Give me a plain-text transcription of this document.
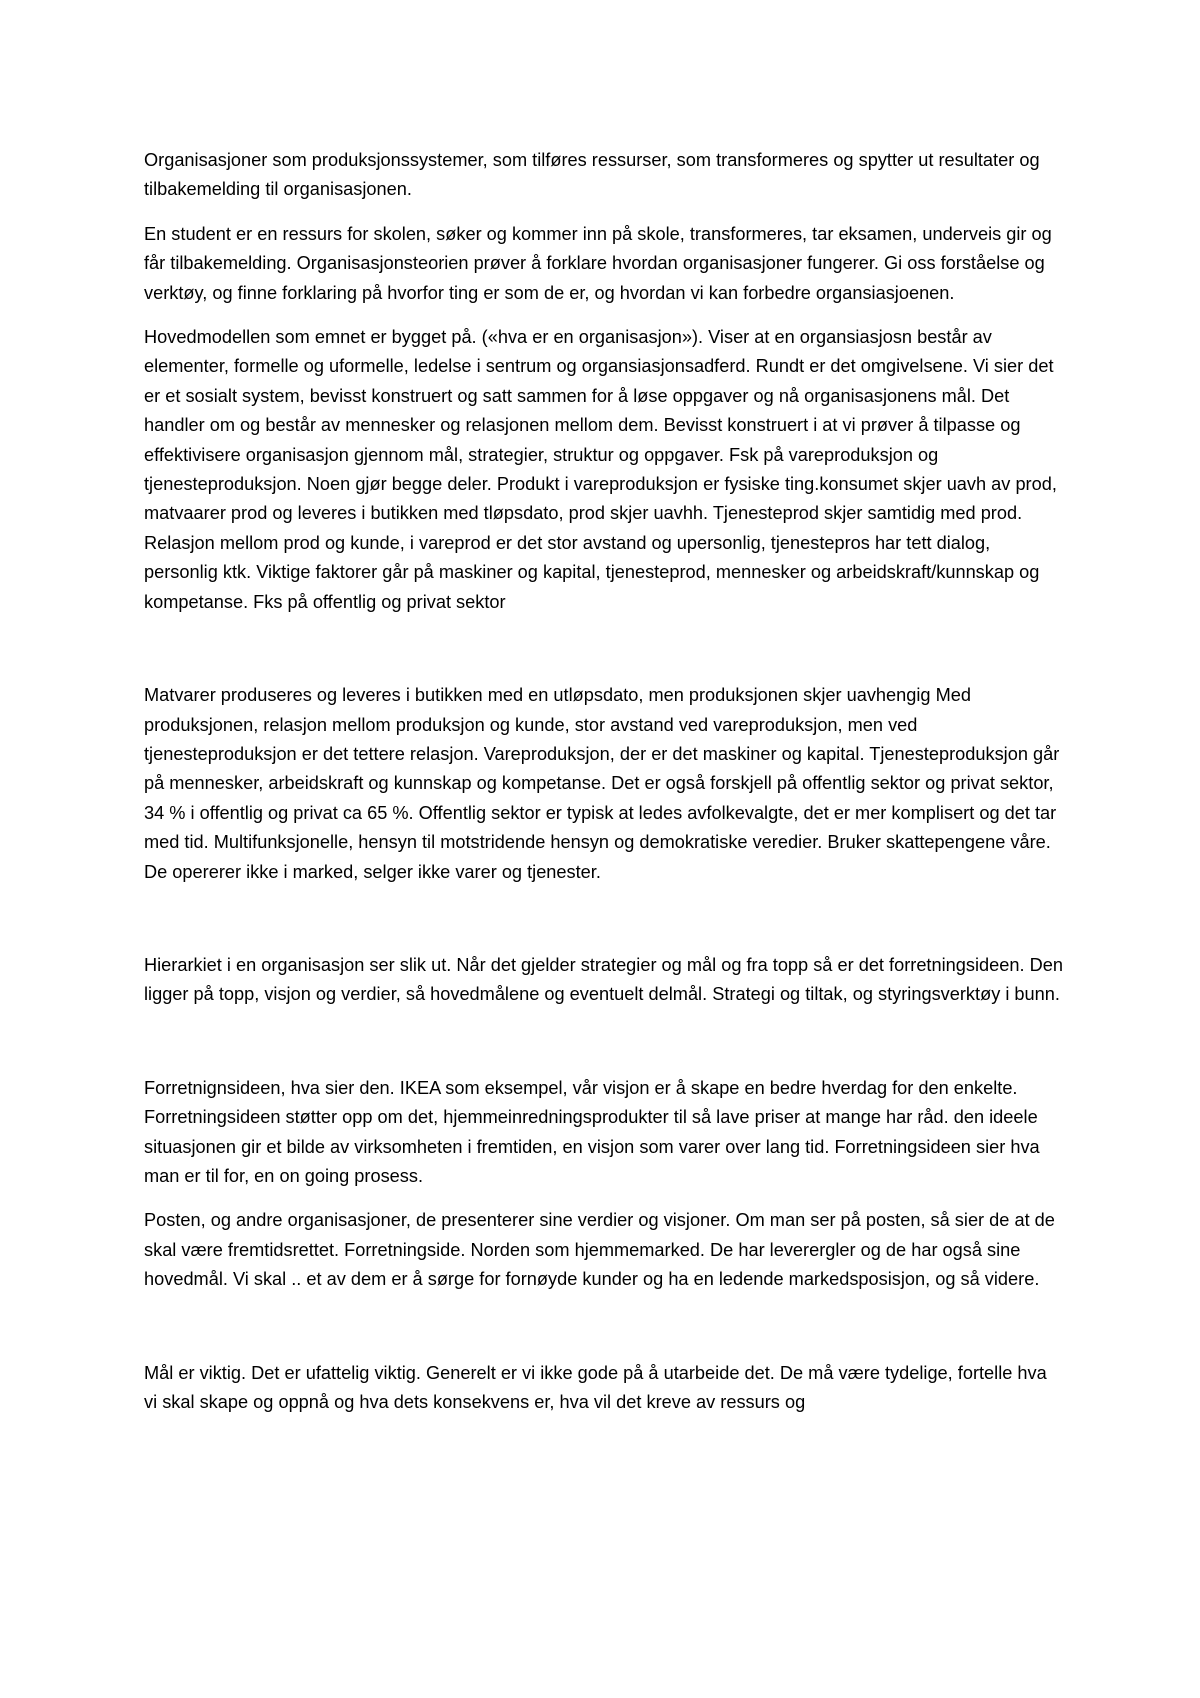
Organisasjoner som produksjonssystemer, som tilføres ressurser, som transformeres og spytter ut resultater og tilbakemelding til organisasjonen.

En student er en ressurs for skolen, søker og kommer inn på skole, transformeres, tar eksamen, underveis gir og får tilbakemelding. Organisasjonsteorien prøver å forklare hvordan organisasjoner fungerer. Gi oss forståelse og verktøy, og finne forklaring på hvorfor ting er som de er, og hvordan vi kan forbedre organsiasjoenen.

Hovedmodellen som emnet er bygget på. («hva er en organisasjon»). Viser at en organsiasjosn består av elementer, formelle og uformelle, ledelse i sentrum og organsiasjonsadferd. Rundt er det omgivelsene. Vi sier det er et sosialt system, bevisst konstruert og satt sammen for å løse oppgaver og nå organisasjonens mål. Det handler om og består av mennesker og relasjonen mellom dem. Bevisst konstruert i at vi prøver å tilpasse og effektivisere organisasjon gjennom mål, strategier, struktur og oppgaver. Fsk på vareproduksjon og tjenesteproduksjon. Noen gjør begge deler. Produkt i vareproduksjon er fysiske ting.konsumet skjer uavh av prod, matvaarer prod og leveres i butikken med tløpsdato, prod skjer uavhh. Tjenesteprod skjer samtidig med prod. Relasjon mellom prod og kunde, i vareprod er det stor avstand og upersonlig, tjenestepros har tett dialog, personlig ktk. Viktige faktorer går på maskiner og kapital, tjenesteprod, mennesker og arbeidskraft/kunnskap og kompetanse. Fks på offentlig og privat sektor

Matvarer produseres og leveres i butikken med en utløpsdato, men produksjonen skjer uavhengig Med produksjonen, relasjon mellom produksjon og kunde, stor avstand ved vareproduksjon, men ved tjenesteproduksjon er det tettere relasjon. Vareproduksjon, der er det maskiner og kapital. Tjenesteproduksjon går på mennesker, arbeidskraft og kunnskap og kompetanse. Det er også forskjell på offentlig sektor og privat sektor, 34 % i offentlig og privat ca 65 %. Offentlig sektor er typisk at ledes avfolkevalgte, det er mer komplisert og det tar med tid. Multifunksjonelle, hensyn til motstridende hensyn og demokratiske veredier. Bruker skattepengene våre. De opererer ikke i marked, selger ikke varer og tjenester.

Hierarkiet i en organisasjon ser slik ut. Når det gjelder strategier og mål og fra topp så er det forretningsideen. Den ligger på topp, visjon og verdier, så hovedmålene og eventuelt delmål. Strategi og tiltak, og styringsverktøy i bunn.

Forretnignsideen, hva sier den. IKEA som eksempel, vår visjon er å skape en bedre hverdag for den enkelte. Forretningsideen støtter opp om det, hjemmeinredningsprodukter til så lave priser at mange har råd. den ideele situasjonen gir et bilde av virksomheten i fremtiden, en visjon som varer over lang tid. Forretningsideen sier hva man er til for, en on going prosess.

Posten, og andre organisasjoner, de presenterer sine verdier og visjoner. Om man ser på posten, så sier de at de skal være fremtidsrettet. Forretningside. Norden som hjemmemarked. De har leverergler og de har også sine hovedmål. Vi skal .. et av dem er å sørge for fornøyde kunder og ha en ledende markedsposisjon, og så videre.

Mål er viktig. Det er ufattelig viktig. Generelt er vi ikke gode på å utarbeide det. De må være tydelige, fortelle hva vi skal skape og oppnå og hva dets konsekvens er, hva vil det kreve av ressurs og
